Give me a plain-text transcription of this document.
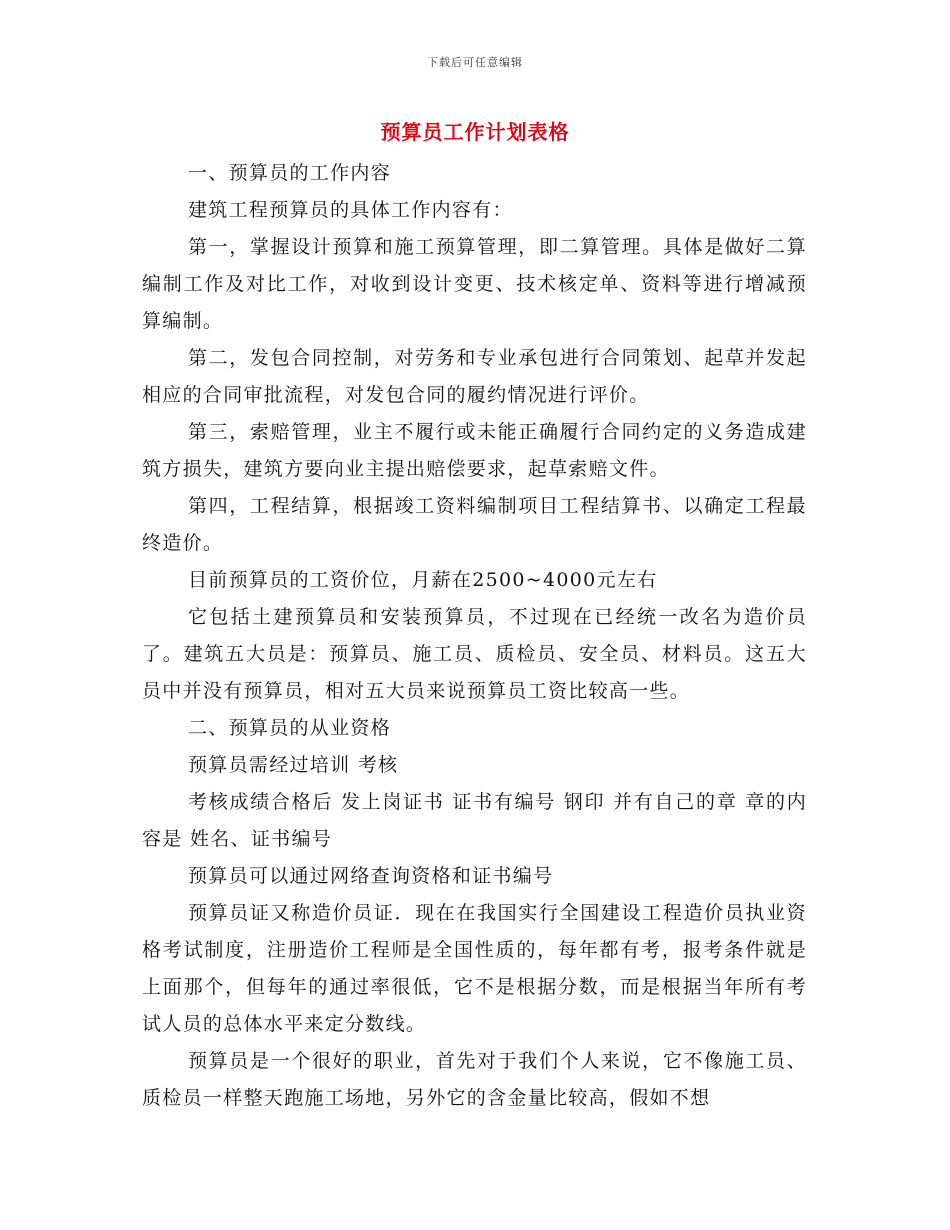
下载后可任意编辑
预算员工作计划表格

一、预算员的工作内容

建筑工程预算员的具体工作内容有：

第一，掌握设计预算和施工预算管理，即二算管理。具体是做好二算编制工作及对比工作，对收到设计变更、技术核定单、资料等进行增减预算编制。

第二，发包合同控制，对劳务和专业承包进行合同策划、起草并发起相应的合同审批流程，对发包合同的履约情况进行评价。

第三，索赔管理，业主不履行或未能正确履行合同约定的义务造成建筑方损失，建筑方要向业主提出赔偿要求，起草索赔文件。

第四，工程结算，根据竣工资料编制项目工程结算书、以确定工程最终造价。

目前预算员的工资价位，月薪在2500~4000元左右

它包括土建预算员和安装预算员，不过现在已经统一改名为造价员了。建筑五大员是：预算员、施工员、质检员、安全员、材料员。这五大员中并没有预算员，相对五大员来说预算员工资比较高一些。

二、预算员的从业资格

预算员需经过培训 考核

考核成绩合格后 发上岗证书 证书有编号 钢印 并有自己的章 章的内容是 姓名、证书编号

预算员可以通过网络查询资格和证书编号

预算员证又称造价员证．现在在我国实行全国建设工程造价员执业资格考试制度，注册造价工程师是全国性质的，每年都有考，报考条件就是上面那个，但每年的通过率很低，它不是根据分数，而是根据当年所有考试人员的总体水平来定分数线。

预算员是一个很好的职业，首先对于我们个人来说，它不像施工员、质检员一样整天跑施工场地，另外它的含金量比较高，假如不想
